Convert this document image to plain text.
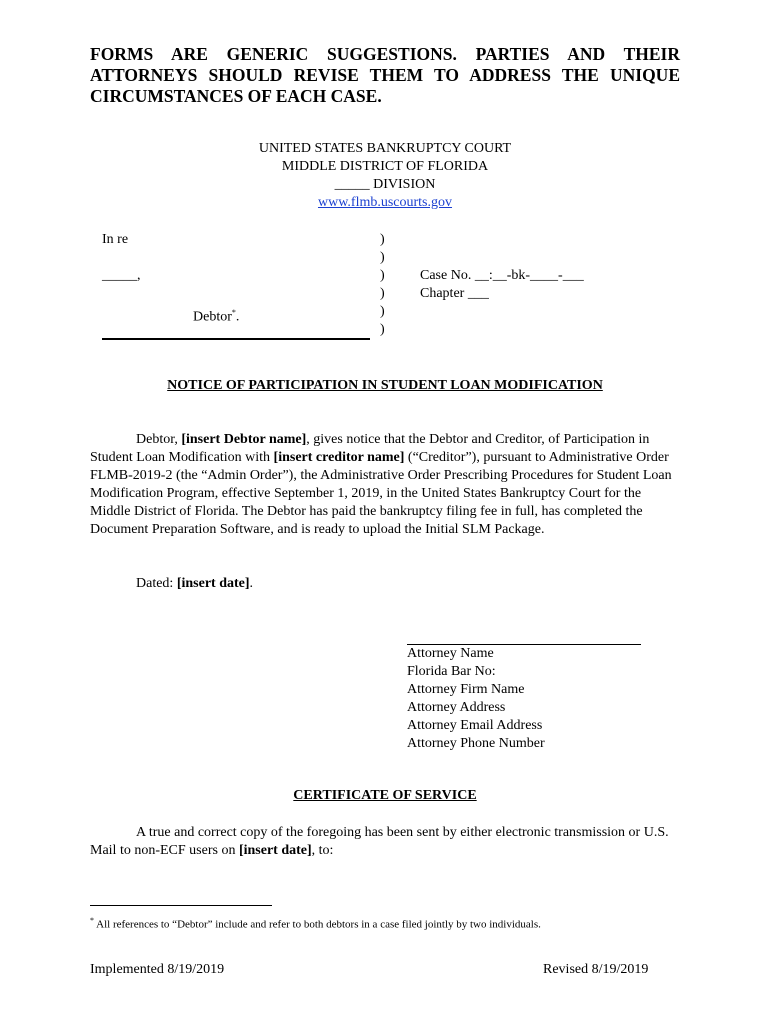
FORMS ARE GENERIC SUGGESTIONS. PARTIES AND THEIR ATTORNEYS SHOULD REVISE THEM TO ADDRESS THE UNIQUE CIRCUMSTANCES OF EACH CASE.
UNITED STATES BANKRUPTCY COURT
MIDDLE DISTRICT OF FLORIDA
_____ DIVISION
www.flmb.uscourts.gov
In re
_____,
Debtor*.
)
)
)
)
)
)
Case No. __:__-bk-____-___
Chapter ___
NOTICE OF PARTICIPATION IN STUDENT LOAN MODIFICATION
Debtor, [insert Debtor name], gives notice that the Debtor and Creditor, of Participation in Student Loan Modification with [insert creditor name] (“Creditor”), pursuant to Administrative Order FLMB-2019-2 (the “Admin Order”), the Administrative Order Prescribing Procedures for Student Loan Modification Program, effective September 1, 2019, in the United States Bankruptcy Court for the Middle District of Florida. The Debtor has paid the bankruptcy filing fee in full, has completed the Document Preparation Software, and is ready to upload the Initial SLM Package.
Dated: [insert date].
Attorney Name
Florida Bar No:
Attorney Firm Name
Attorney Address
Attorney Email Address
Attorney Phone Number
CERTIFICATE OF SERVICE
A true and correct copy of the foregoing has been sent by either electronic transmission or U.S. Mail to non-ECF users on [insert date], to:
* All references to “Debtor” include and refer to both debtors in a case filed jointly by two individuals.
Implemented 8/19/2019	Revised 8/19/2019
